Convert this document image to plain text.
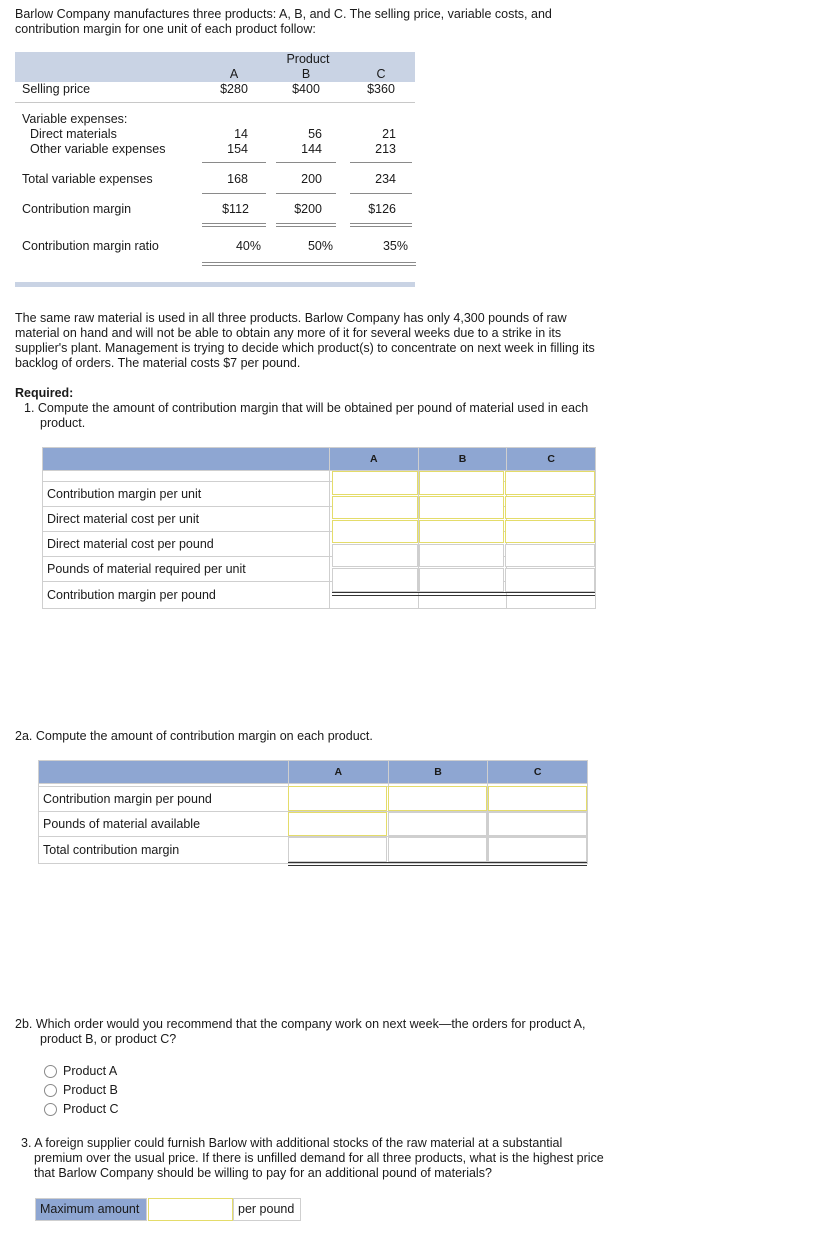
Barlow Company manufactures three products: A, B, and C. The selling price, variable costs, and

contribution margin for one unit of each product follow:

Product

A	B	C

Selling price	$280	$400	$360

Variable expenses:

Direct materials	14	56	21

Other variable expenses	154	144	213

Total variable expenses	168	200	234

Contribution margin	$112	$200	$126

Contribution margin ratio	40%	50%	35%

The same raw material is used in all three products. Barlow Company has only 4,300 pounds of raw

material on hand and will not be able to obtain any more of it for several weeks due to a strike in its

supplier's plant. Management is trying to decide which product(s) to concentrate on next week in filling its

backlog of orders. The material costs $7 per pound.

Required:

1. Compute the amount of contribution margin that will be obtained per pound of material used in each

product.

	A	B	C

Contribution margin per unit			
Direct material cost per unit			
Direct material cost per pound			
Pounds of material required per unit			
Contribution margin per pound			

2a. Compute the amount of contribution margin on each product.

	A	B	C

Contribution margin per pound			
Pounds of material available			
Total contribution margin			

2b. Which order would you recommend that the company work on next week—the orders for product A,

product B, or product C?

Product A

Product B

Product C

3. A foreign supplier could furnish Barlow with additional stocks of the raw material at a substantial

premium over the usual price. If there is unfilled demand for all three products, what is the highest price

that Barlow Company should be willing to pay for an additional pound of materials?

Maximum amount	per pound
